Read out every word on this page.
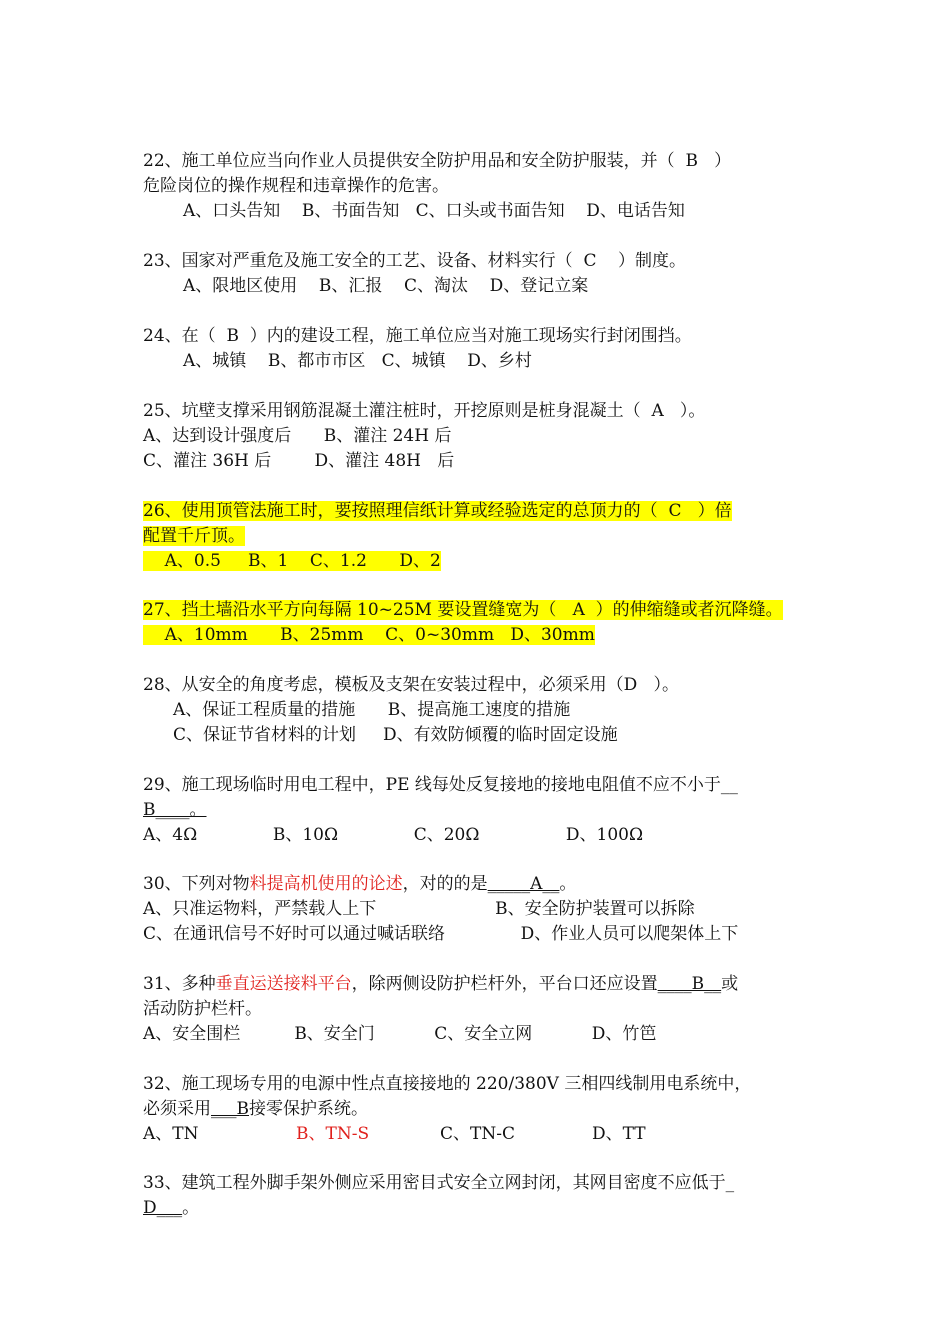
22、施工单位应当向作业人员提供安全防护用品和安全防护服装，并（  B   ）
危险岗位的操作规程和违章操作的危害。
A、口头告知    B、书面告知   C、口头或书面告知    D、电话告知
23、国家对严重危及施工安全的工艺、设备、材料实行（  C    ）制度。
A、限地区使用    B、汇报    C、淘汰    D、登记立案
24、在（  B  ）内的建设工程，施工单位应当对施工现场实行封闭围挡。
A、城镇    B、都市市区   C、城镇    D、乡村
25、坑壁支撑采用钢筋混凝土灌注桩时，开挖原则是桩身混凝土（  A   ）。
A、达到设计强度后      B、灌注 24H 后
C、灌注 36H 后        D、灌注 48H   后
26、使用顶管法施工时，要按照理信纸计算或经验选定的总顶力的（  C   ）倍
配置千斤顶。
A、0.5     B、1    C、1.2      D、2
27、挡土墙沿水平方向每隔 10~25M 要设置缝宽为（   A  ）的伸缩缝或者沉降缝。
A、10mm      B、25mm    C、0~30mm   D、30mm
28、从安全的角度考虑，模板及支架在安装过程中，必须采用（D   ）。
A、保证工程质量的措施      B、提高施工速度的措施
C、保证节省材料的计划     D、有效防倾覆的临时固定设施
29、施工现场临时用电工程中，PE 线每处反复接地的接地电阻值不应不小于__
B____。
A、4Ω              B、10Ω              C、20Ω                D、100Ω
30、下列对物料提高机使用的论述，对的的是_____A__。
A、只准运物料，严禁载人上下                      B、安全防护装置可以拆除
C、在通讯信号不好时可以通过喊话联络              D、作业人员可以爬架体上下
31、多种垂直运送接料平台，除两侧设防护栏杆外，平台口还应设置____B__或
活动防护栏杆。
A、安全围栏          B、安全门           C、安全立网           D、竹笆
32、施工现场专用的电源中性点直接接地的 220/380V 三相四线制用电系统中，
必须采用___B接零保护系统。
A、TN	B、TN-S	C、TN-C	D、TT
33、建筑工程外脚手架外侧应采用密目式安全立网封闭，其网目密度不应低于_
D___。
